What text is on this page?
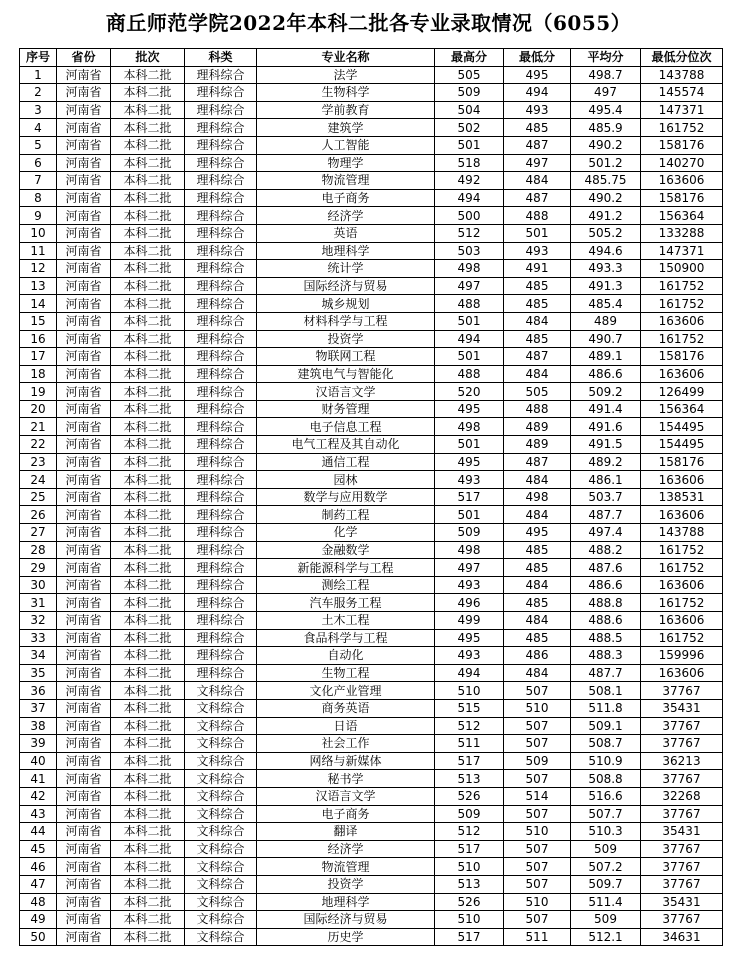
商丘师范学院2022年本科二批各专业录取情况（6055）
序号	省份	批次	科类	专业名称	最高分	最低分	平均分	最低分位次
1	河南省	本科二批	理科综合	法学	505	495	498.7	143788
2	河南省	本科二批	理科综合	生物科学	509	494	497	145574
3	河南省	本科二批	理科综合	学前教育	504	493	495.4	147371
4	河南省	本科二批	理科综合	建筑学	502	485	485.9	161752
5	河南省	本科二批	理科综合	人工智能	501	487	490.2	158176
6	河南省	本科二批	理科综合	物理学	518	497	501.2	140270
7	河南省	本科二批	理科综合	物流管理	492	484	485.75	163606
8	河南省	本科二批	理科综合	电子商务	494	487	490.2	158176
9	河南省	本科二批	理科综合	经济学	500	488	491.2	156364
10	河南省	本科二批	理科综合	英语	512	501	505.2	133288
11	河南省	本科二批	理科综合	地理科学	503	493	494.6	147371
12	河南省	本科二批	理科综合	统计学	498	491	493.3	150900
13	河南省	本科二批	理科综合	国际经济与贸易	497	485	491.3	161752
14	河南省	本科二批	理科综合	城乡规划	488	485	485.4	161752
15	河南省	本科二批	理科综合	材料科学与工程	501	484	489	163606
16	河南省	本科二批	理科综合	投资学	494	485	490.7	161752
17	河南省	本科二批	理科综合	物联网工程	501	487	489.1	158176
18	河南省	本科二批	理科综合	建筑电气与智能化	488	484	486.6	163606
19	河南省	本科二批	理科综合	汉语言文学	520	505	509.2	126499
20	河南省	本科二批	理科综合	财务管理	495	488	491.4	156364
21	河南省	本科二批	理科综合	电子信息工程	498	489	491.6	154495
22	河南省	本科二批	理科综合	电气工程及其自动化	501	489	491.5	154495
23	河南省	本科二批	理科综合	通信工程	495	487	489.2	158176
24	河南省	本科二批	理科综合	园林	493	484	486.1	163606
25	河南省	本科二批	理科综合	数学与应用数学	517	498	503.7	138531
26	河南省	本科二批	理科综合	制药工程	501	484	487.7	163606
27	河南省	本科二批	理科综合	化学	509	495	497.4	143788
28	河南省	本科二批	理科综合	金融数学	498	485	488.2	161752
29	河南省	本科二批	理科综合	新能源科学与工程	497	485	487.6	161752
30	河南省	本科二批	理科综合	测绘工程	493	484	486.6	163606
31	河南省	本科二批	理科综合	汽车服务工程	496	485	488.8	161752
32	河南省	本科二批	理科综合	土木工程	499	484	488.6	163606
33	河南省	本科二批	理科综合	食品科学与工程	495	485	488.5	161752
34	河南省	本科二批	理科综合	自动化	493	486	488.3	159996
35	河南省	本科二批	理科综合	生物工程	494	484	487.7	163606
36	河南省	本科二批	文科综合	文化产业管理	510	507	508.1	37767
37	河南省	本科二批	文科综合	商务英语	515	510	511.8	35431
38	河南省	本科二批	文科综合	日语	512	507	509.1	37767
39	河南省	本科二批	文科综合	社会工作	511	507	508.7	37767
40	河南省	本科二批	文科综合	网络与新媒体	517	509	510.9	36213
41	河南省	本科二批	文科综合	秘书学	513	507	508.8	37767
42	河南省	本科二批	文科综合	汉语言文学	526	514	516.6	32268
43	河南省	本科二批	文科综合	电子商务	509	507	507.7	37767
44	河南省	本科二批	文科综合	翻译	512	510	510.3	35431
45	河南省	本科二批	文科综合	经济学	517	507	509	37767
46	河南省	本科二批	文科综合	物流管理	510	507	507.2	37767
47	河南省	本科二批	文科综合	投资学	513	507	509.7	37767
48	河南省	本科二批	文科综合	地理科学	526	510	511.4	35431
49	河南省	本科二批	文科综合	国际经济与贸易	510	507	509	37767
50	河南省	本科二批	文科综合	历史学	517	511	512.1	34631
